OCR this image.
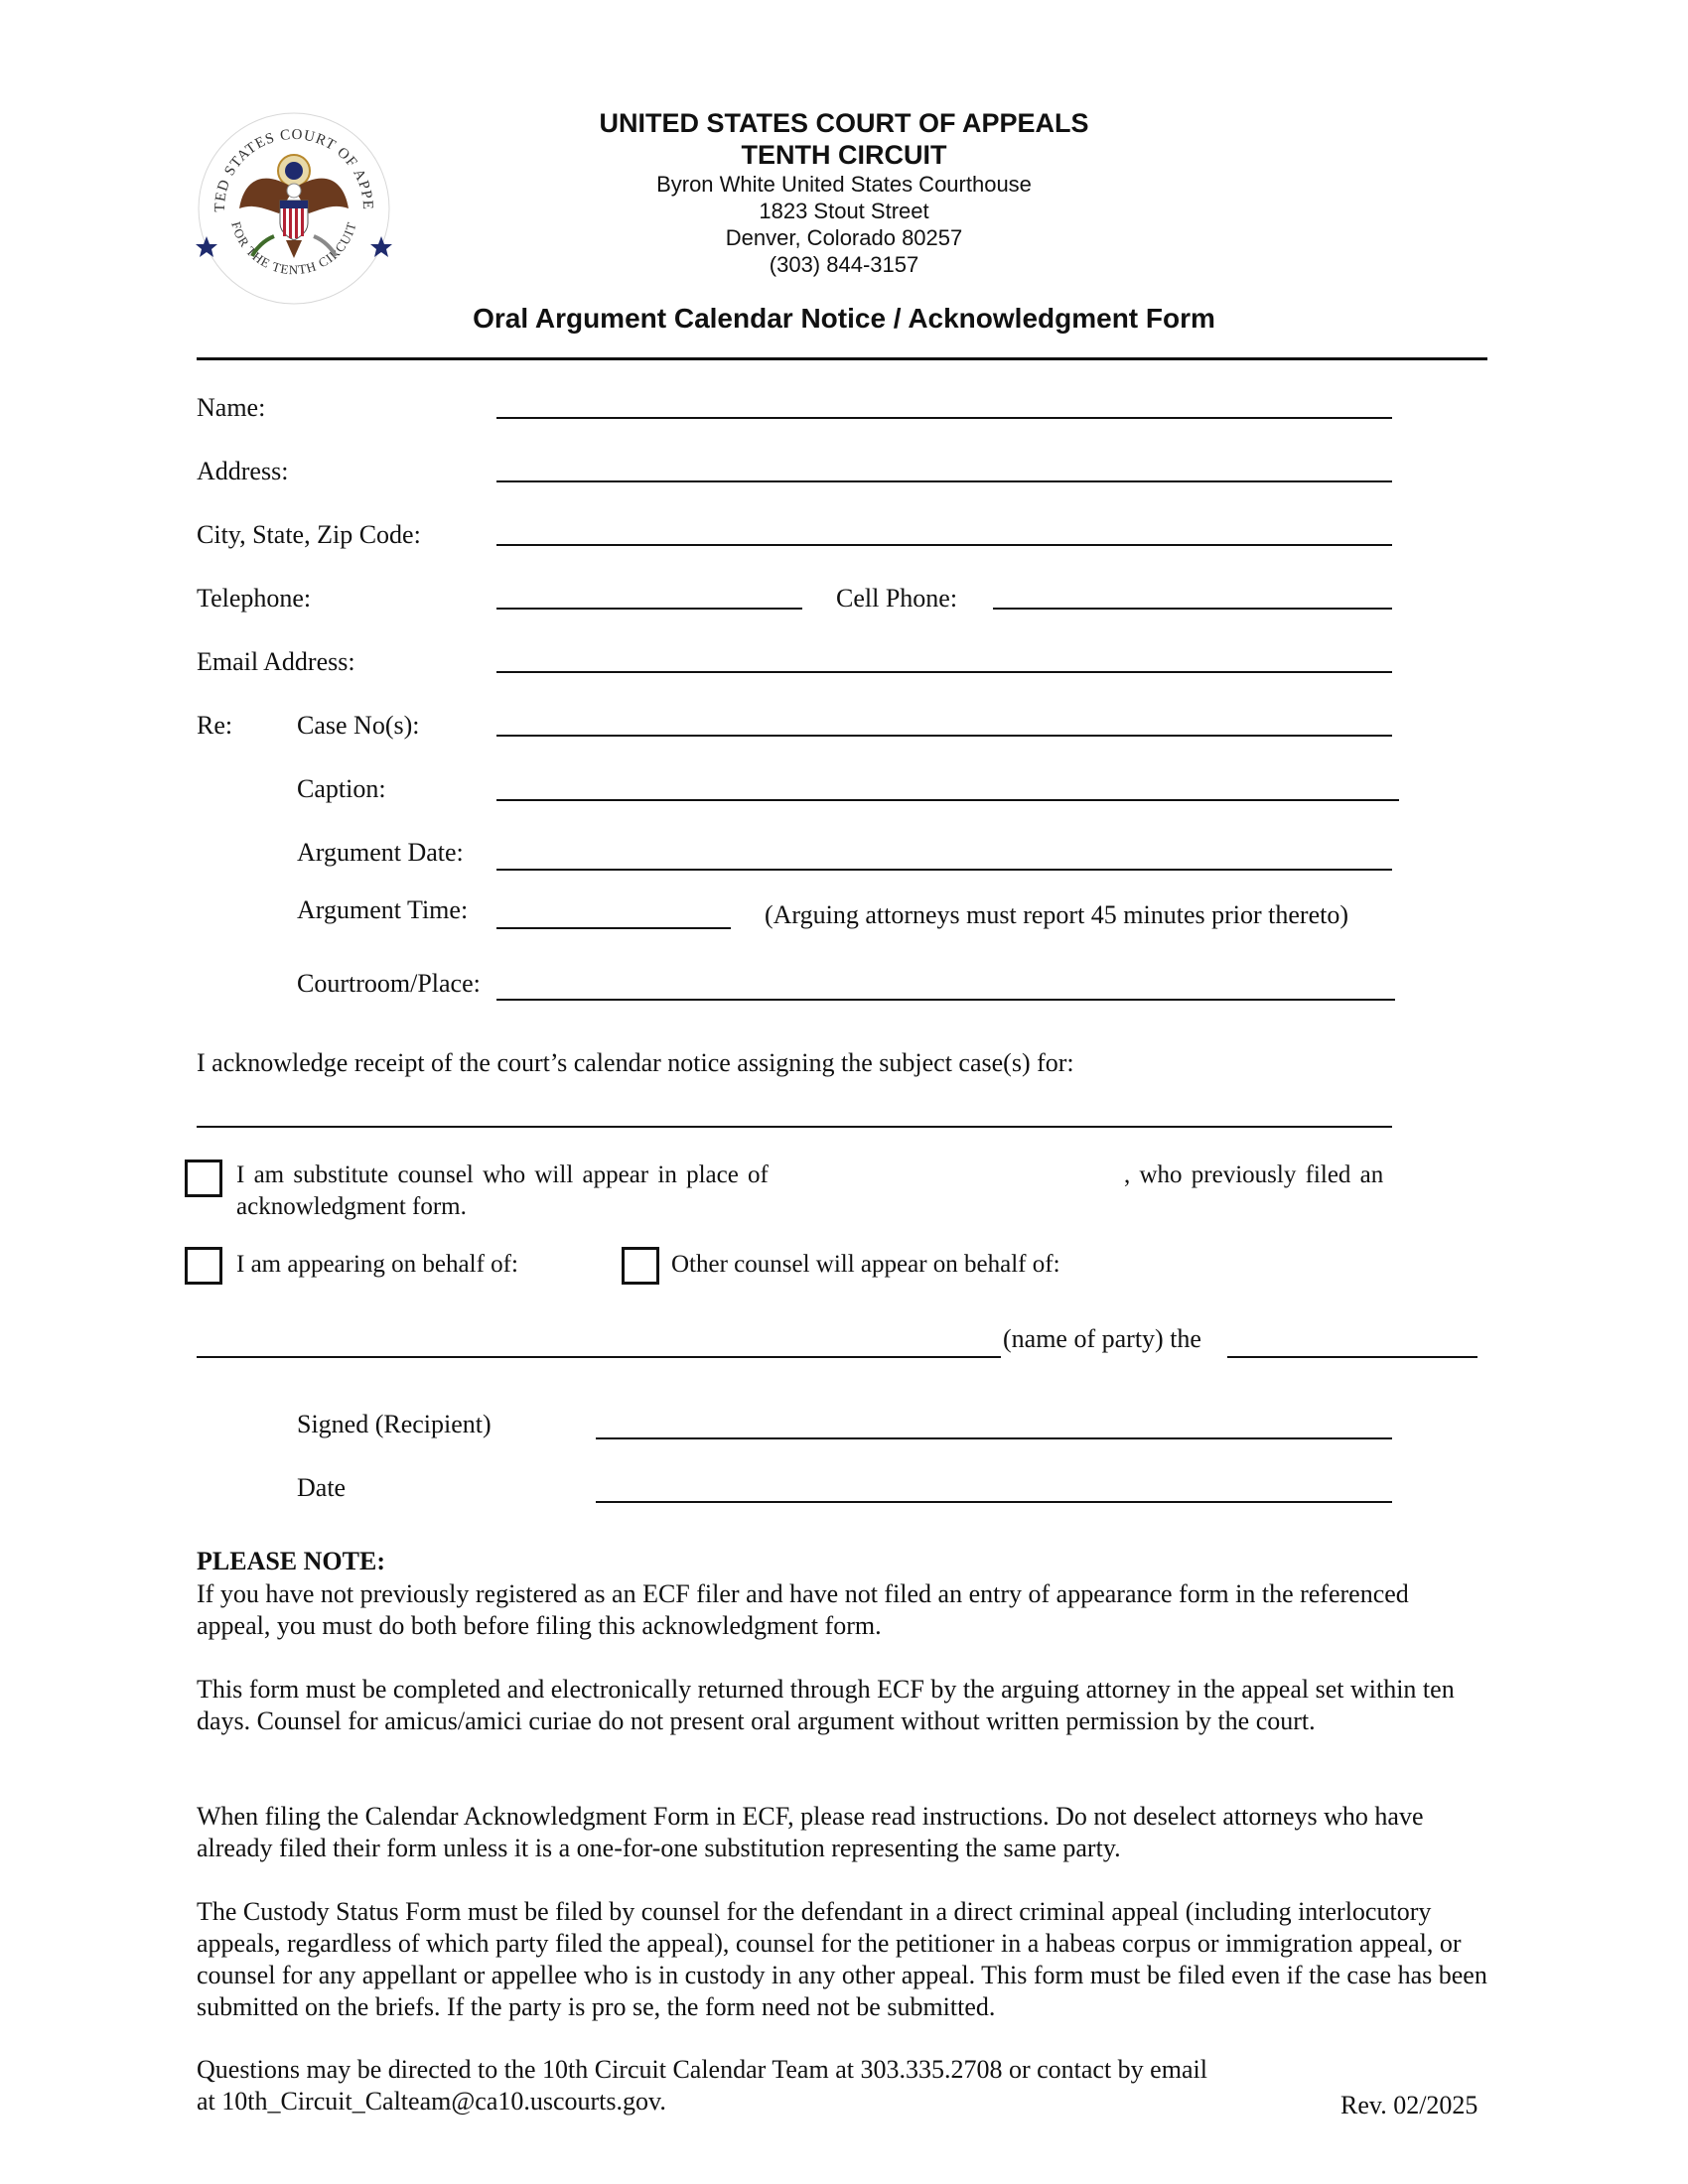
TED STATES COURT OF APPE
FOR THE TENTH CIRCUIT
UNITED STATES COURT OF APPEALS
TENTH CIRCUIT
Byron White United States Courthouse
1823 Stout Street
Denver, Colorado 80257
(303) 844-3157
Oral Argument Calendar Notice / Acknowledgment Form
Name:
Address:
City, State, Zip Code:
Telephone:	Cell Phone:
Email Address:
Re: Case No(s):
Caption:
Argument Date:
Argument Time:	(Arguing attorneys must report 45 minutes prior thereto)
Courtroom/Place:
I acknowledge receipt of the court’s calendar notice assigning the subject case(s) for:
I am substitute counsel who will appear in place of	, who previously filed an
acknowledgment form.
I am appearing on behalf of:	Other counsel will appear on behalf of:
(name of party) the
Signed (Recipient)
Date
PLEASE NOTE:

If you have not previously registered as an ECF filer and have not filed an entry of appearance form in the referenced appeal, you must do both before filing this acknowledgment form.

This form must be completed and electronically returned through ECF by the arguing attorney in the appeal set within ten days. Counsel for amicus/amici curiae do not present oral argument without written permission by the court.

When filing the Calendar Acknowledgment Form in ECF, please read instructions. Do not deselect attorneys who have already filed their form unless it is a one-for-one substitution representing the same party.

The Custody Status Form must be filed by counsel for the defendant in a direct criminal appeal (including interlocutory appeals, regardless of which party filed the appeal), counsel for the petitioner in a habeas corpus or immigration appeal, or counsel for any appellant or appellee who is in custody in any other appeal. This form must be filed even if the case has been submitted on the briefs. If the party is pro se, the form need not be submitted.

Questions may be directed to the 10th Circuit Calendar Team at 303.335.2708 or contact by email
at 10th_Circuit_Calteam@ca10.uscourts.gov.	Rev. 02/2025
